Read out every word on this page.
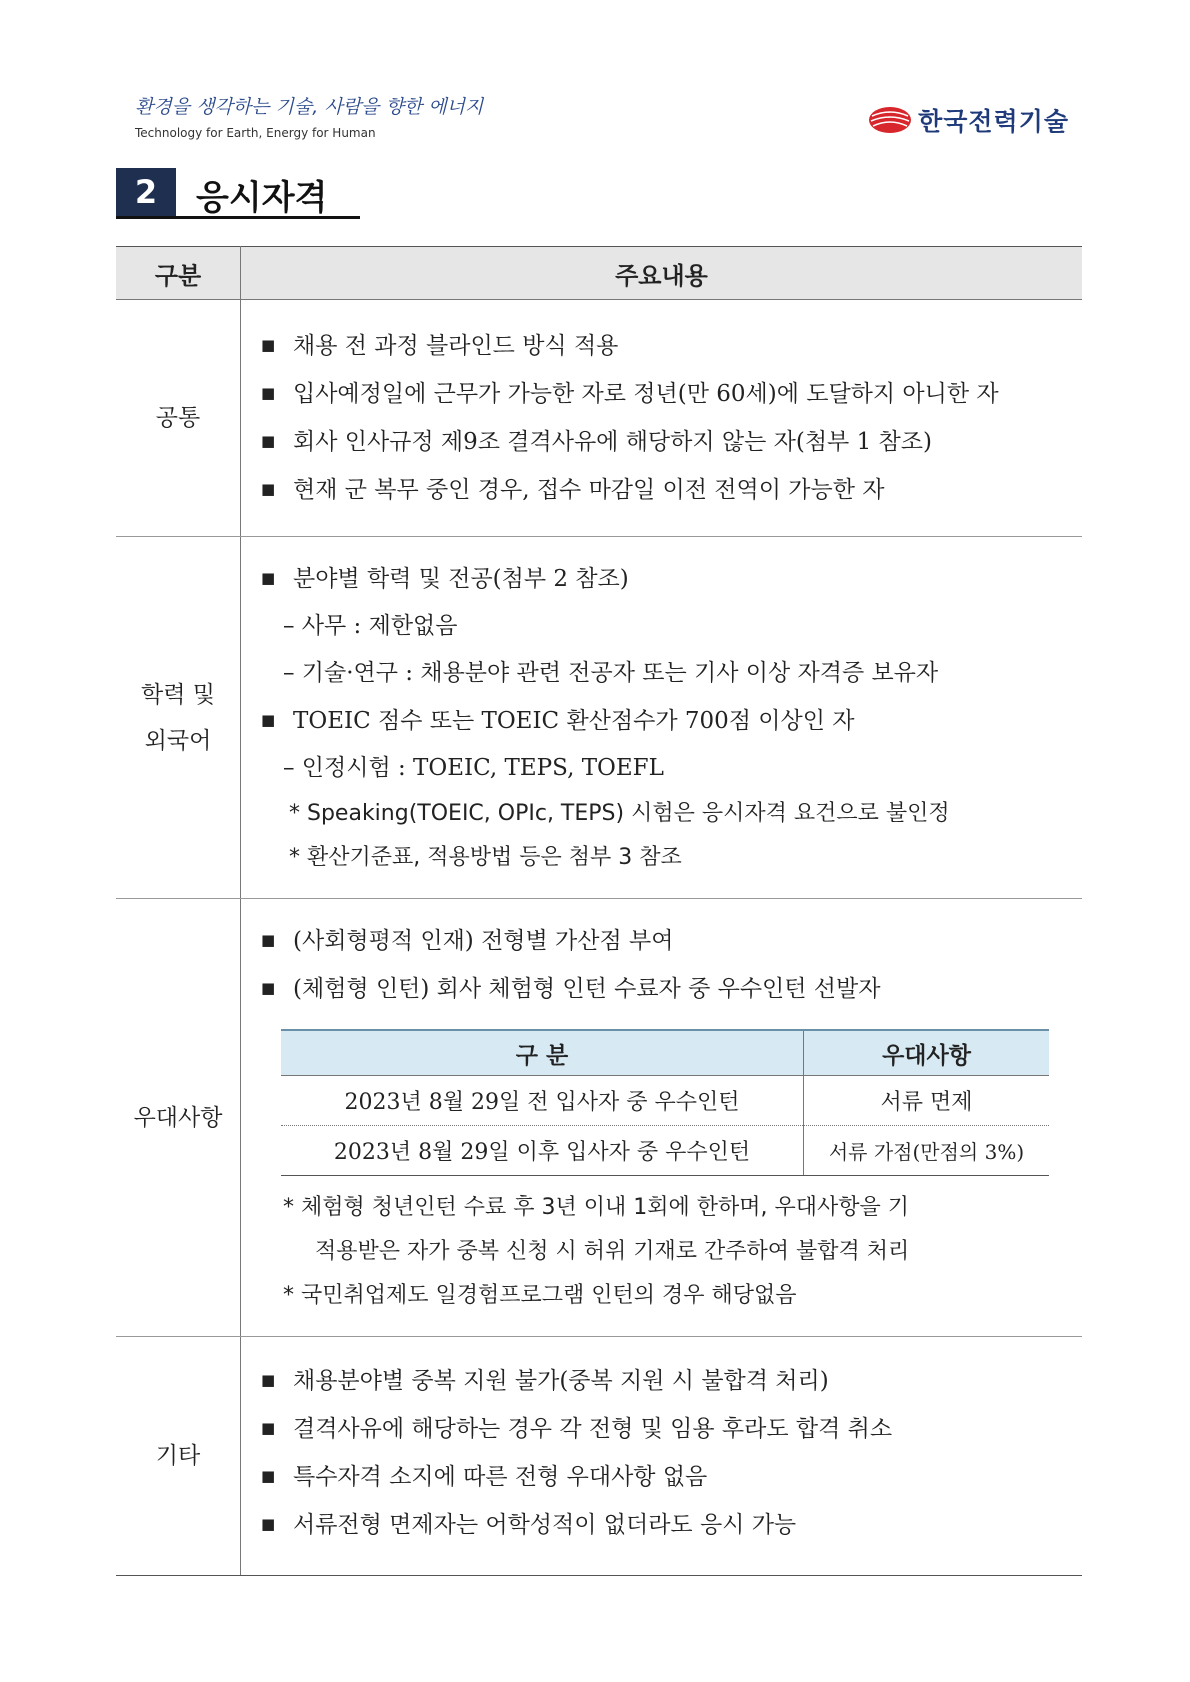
환경을 생각하는 기술, 사람을 향한 에너지
Technology for Earth, Energy for Human	한국전력기술
2	응시자격
구분	주요내용
공통	
■ 채용 전 과정 블라인드 방식 적용
■ 입사예정일에 근무가 가능한 자로 정년(만 60세)에 도달하지 아니한 자
■ 회사 인사규정 제9조 결격사유에 해당하지 않는 자(첨부 1 참조)
■ 현재 군 복무 중인 경우, 접수 마감일 이전 전역이 가능한 자

학력 및
외국어

■ 분야별 학력 및 전공(첨부 2 참조)
– 사무 : 제한없음
– 기술·연구 : 채용분야 관련 전공자 또는 기사 이상 자격증 보유자
■ TOEIC 점수 또는 TOEIC 환산점수가 700점 이상인 자
– 인정시험 : TOEIC, TEPS, TOEFL
* Speaking(TOEIC, OPIc, TEPS) 시험은 응시자격 요건으로 불인정
* 환산기준표, 적용방법 등은 첨부 3 참조

우대사항	
■ (사회형평적 인재) 전형별 가산점 부여
■ (체험형 인턴) 회사 체험형 인턴 수료자 중 우수인턴 선발자
구 분	우대사항
2023년 8월 29일 전 입사자 중 우수인턴	서류 면제
2023년 8월 29일 이후 입사자 중 우수인턴	서류 가점(만점의 3%)
* 체험형 청년인턴 수료 후 3년 이내 1회에 한하며, 우대사항을 기
적용받은 자가 중복 신청 시 허위 기재로 간주하여 불합격 처리
* 국민취업제도 일경험프로그램 인턴의 경우 해당없음

기타	
■ 채용분야별 중복 지원 불가(중복 지원 시 불합격 처리)
■ 결격사유에 해당하는 경우 각 전형 및 임용 후라도 합격 취소
■ 특수자격 소지에 따른 전형 우대사항 없음
■ 서류전형 면제자는 어학성적이 없더라도 응시 가능
